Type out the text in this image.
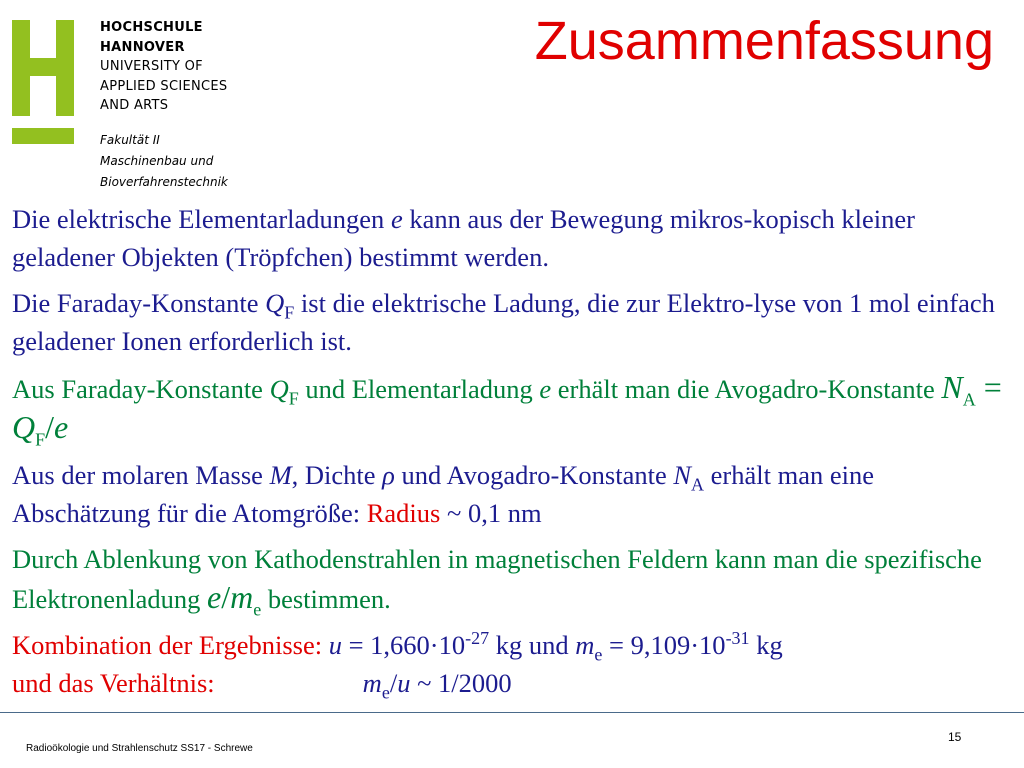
HOCHSCHULE
HANNOVER
UNIVERSITY OF
APPLIED SCIENCES
AND ARTS
Fakultät II
Maschinenbau und
Bioverfahrenstechnik
Zusammenfassung
Die elektrische Elementarladungen e kann aus der Bewegung mikros-kopisch kleiner geladener Objekten (Tröpfchen) bestimmt werden.
Die Faraday-Konstante $Q_F$ ist die elektrische Ladung, die zur Elektro-lyse von 1 mol einfach geladener Ionen erforderlich ist.
Aus Faraday-Konstante $Q_F$ und Elementarladung e erhält man die Avogadro-Konstante $N_A = Q_F/e$
Aus der molaren Masse M, Dichte ρ und Avogadro-Konstante $N_A$ erhält man eine Abschätzung für die Atomgröße: Radius ~ 0,1 nm
Durch Ablenkung von Kathodenstrahlen in magnetischen Feldern kann man die spezifische Elektronenladung $e/m_e$ bestimmen.
Kombination der Ergebnisse: $u = 1,660\cdot 10^{-27}$ kg und $m_e = 9,109\cdot 10^{-31}$ kg
und das Verhältnis:	$m_e/u$ ~ 1/2000
Radioökologie und Strahlenschutz SS17 - Schrewe
15
